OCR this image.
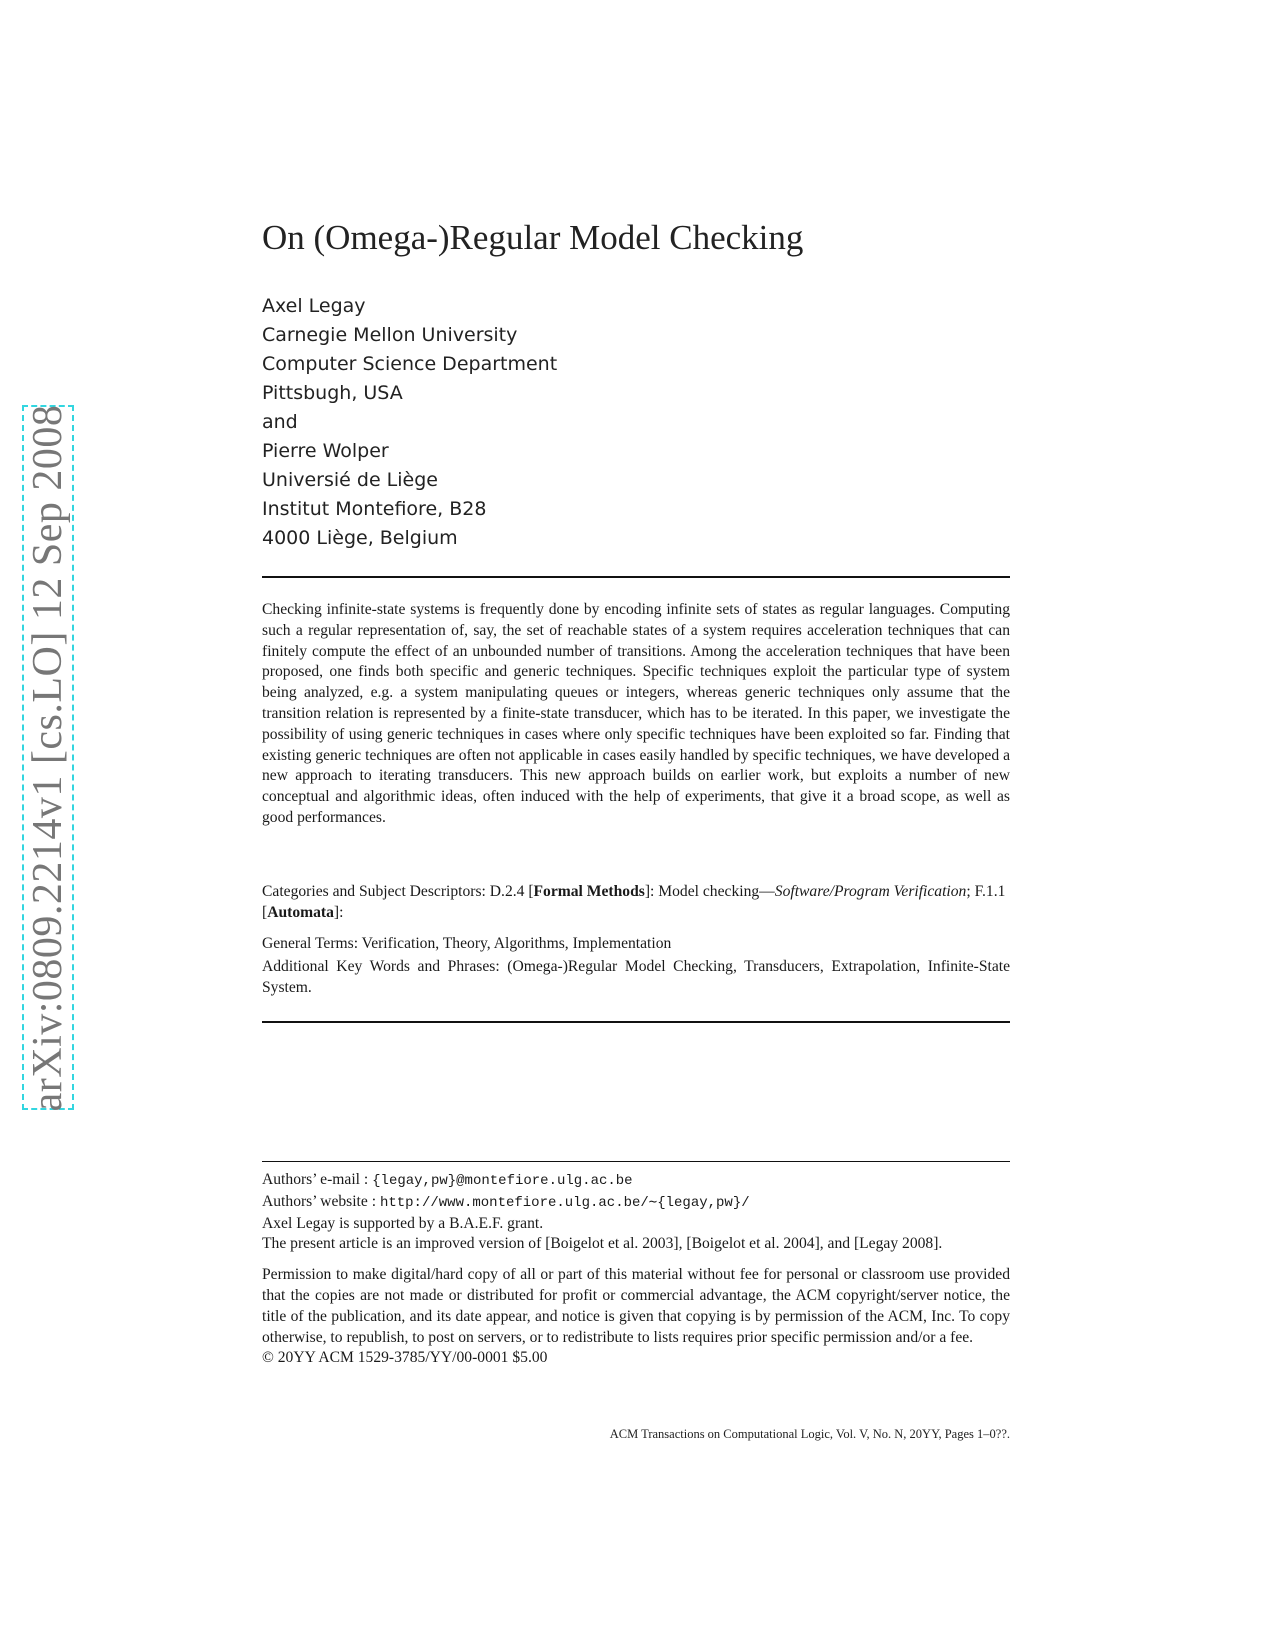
arXiv:0809.2214v1 [cs.LO] 12 Sep 2008
On (Omega-)Regular Model Checking
Axel Legay
Carnegie Mellon University
Computer Science Department
Pittsbugh, USA
and
Pierre Wolper
Universié de Liège
Institut Montefiore, B28
4000 Liège, Belgium

Checking infinite-state systems is frequently done by encoding infinite sets of states as regular languages. Computing such a regular representation of, say, the set of reachable states of a system requires acceleration techniques that can finitely compute the effect of an unbounded number of transitions. Among the acceleration techniques that have been proposed, one finds both specific and generic techniques. Specific techniques exploit the particular type of system being analyzed, e.g. a system manipulating queues or integers, whereas generic techniques only assume that the transition relation is represented by a finite-state transducer, which has to be iterated. In this paper, we investigate the possibility of using generic techniques in cases where only specific techniques have been exploited so far. Finding that existing generic techniques are often not applicable in cases easily handled by specific techniques, we have developed a new approach to iterating transducers. This new approach builds on earlier work, but exploits a number of new conceptual and algorithmic ideas, often induced with the help of experiments, that give it a broad scope, as well as good performances.

Categories and Subject Descriptors: D.2.4 [Formal Methods]: Model checking—Software/Program Verification; F.1.1 [Automata]:

General Terms: Verification, Theory, Algorithms, Implementation

Additional Key Words and Phrases: (Omega-)Regular Model Checking, Transducers, Extrapolation, Infinite-State System.

Authors’ e-mail : {legay,pw}@montefiore.ulg.ac.be

Authors’ website : http://www.montefiore.ulg.ac.be/∼{legay,pw}/

Axel Legay is supported by a B.A.E.F. grant.

The present article is an improved version of [Boigelot et al. 2003], [Boigelot et al. 2004], and [Legay 2008].

Permission to make digital/hard copy of all or part of this material without fee for personal or classroom use provided that the copies are not made or distributed for profit or commercial advantage, the ACM copyright/server notice, the title of the publication, and its date appear, and notice is given that copying is by permission of the ACM, Inc. To copy otherwise, to republish, to post on servers, or to redistribute to lists requires prior specific permission and/or a fee.

© 20YY ACM 1529-3785/YY/00-0001 $5.00

ACM Transactions on Computational Logic, Vol. V, No. N, 20YY, Pages 1–0??.
